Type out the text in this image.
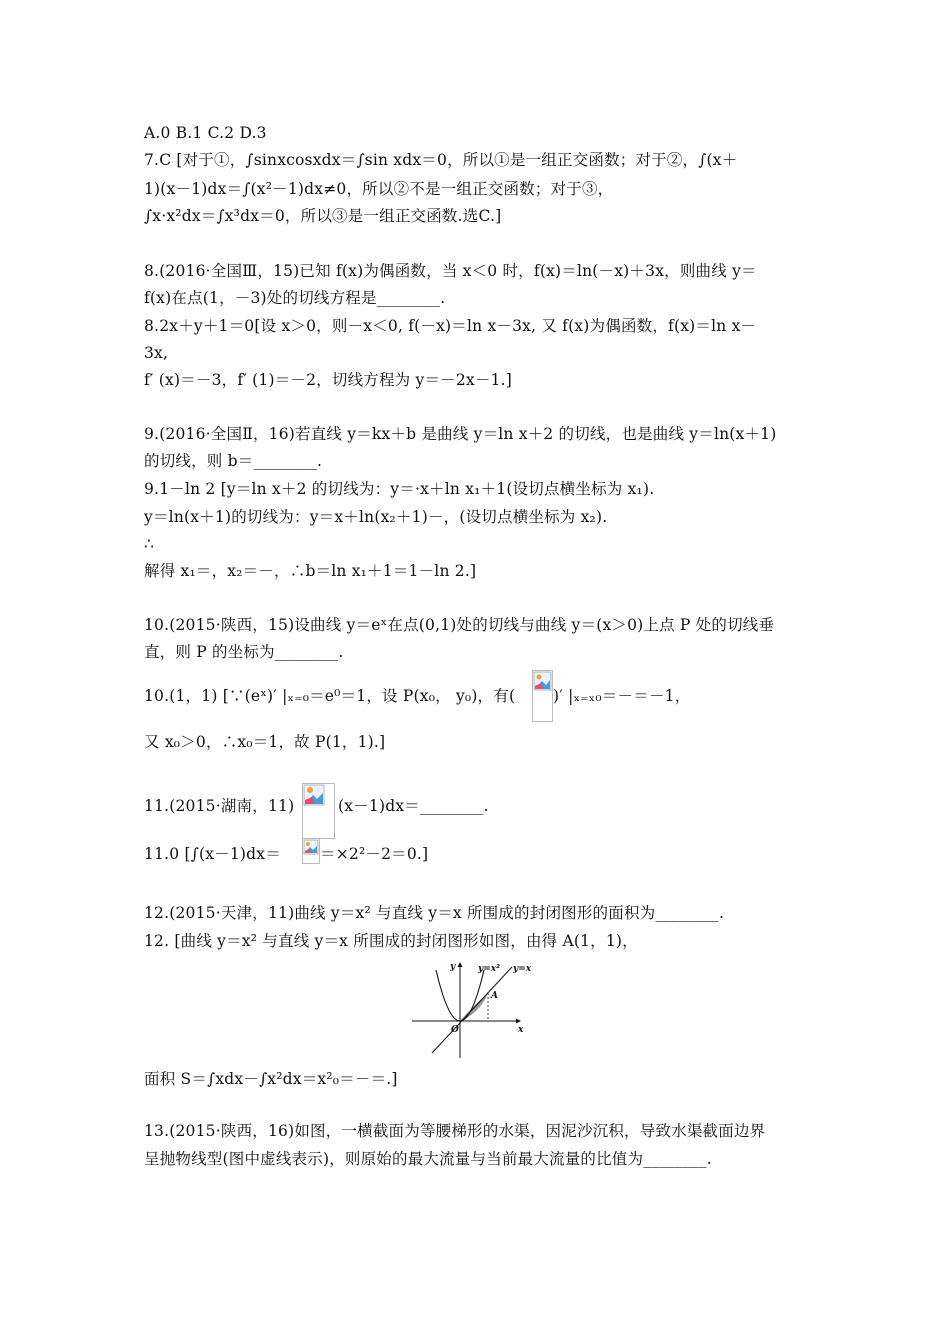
A.0 B.1 C.2 D.3
7.C [对于①，∫sinxcosxdx＝∫sin xdx＝0，所以①是一组正交函数；对于②，∫(x＋
1)(x－1)dx＝∫(x²－1)dx≠0，所以②不是一组正交函数；对于③，
∫x·x²dx＝∫x³dx＝0，所以③是一组正交函数.选C.]
8.(2016·全国Ⅲ，15)已知 f(x)为偶函数，当 x＜0 时，f(x)＝ln(－x)＋3x，则曲线 y＝
f(x)在点(1，－3)处的切线方程是________.
8.2x＋y＋1＝0[设 x＞0，则－x＜0, f(－x)＝ln x－3x, 又 f(x)为偶函数，f(x)＝ln x－
3x,
f′ (x)＝－3，f′ (1)＝－2，切线方程为 y＝－2x－1.]
9.(2016·全国Ⅱ，16)若直线 y＝kx＋b 是曲线 y＝ln x＋2 的切线，也是曲线 y＝ln(x＋1)
的切线，则 b＝________.
9.1－ln 2 [y＝ln x＋2 的切线为：y＝·x＋ln x₁＋1(设切点横坐标为 x₁).
y＝ln(x＋1)的切线为：y＝x＋ln(x₂＋1)－，(设切点横坐标为 x₂).
∴
解得 x₁＝，x₂＝－，∴b＝ln x₁＋1＝1－ln 2.]
10.(2015·陕西，15)设曲线 y＝eˣ在点(0,1)处的切线与曲线 y＝(x＞0)上点 P 处的切线垂
直，则 P 的坐标为________.
10.(1，1) [∵(eˣ)′ |ₓ₌₀＝e⁰＝1，设 P(x₀， y₀)，有( )′ |ₓ₌ₓ₀＝－＝－1，
又 x₀＞0，∴x₀＝1，故 P(1，1).]
11.(2015·湖南，11)	(x－1)dx＝________.
11.0 [∫(x－1)dx＝	＝×2²－2＝0.]
12.(2015·天津，11)曲线 y＝x² 与直线 y＝x 所围成的封闭图形的面积为________.
12. [曲线 y＝x² 与直线 y＝x 所围成的封闭图形如图，由得 A(1，1)，
y
x
O
A
y=x² y=x
面积 S＝∫xdx－∫x²dx＝x²₀＝－＝.]
13.(2015·陕西，16)如图，一横截面为等腰梯形的水渠，因泥沙沉积，导致水渠截面边界
呈抛物线型(图中虚线表示)，则原始的最大流量与当前最大流量的比值为________.
